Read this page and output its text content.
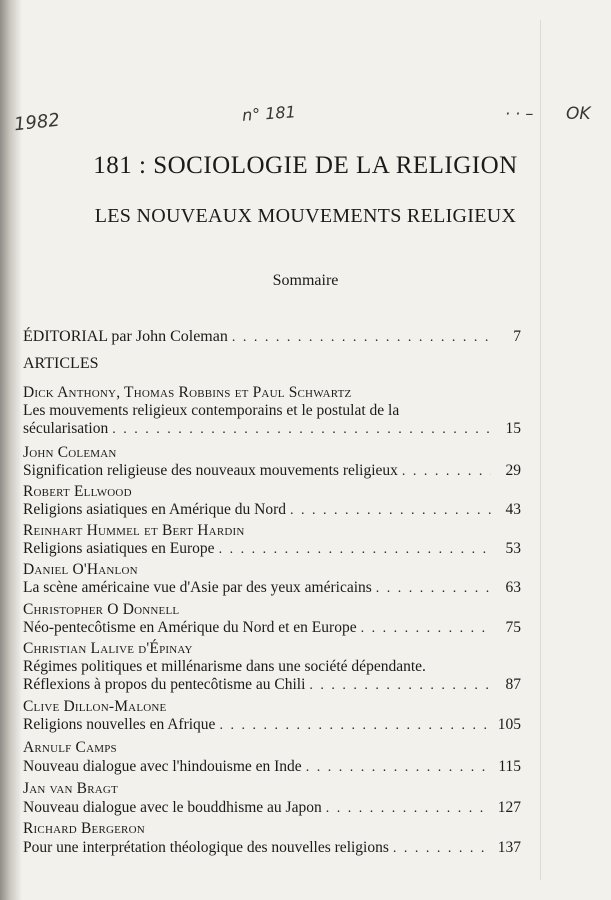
1982	n° 181	· · – OK
181 : SOCIOLOGIE DE LA RELIGION
LES NOUVEAUX MOUVEMENTS RELIGIEUX
Sommaire
ÉDITORIAL par John Coleman . . .	7
ARTICLES
Dick Anthony, Thomas Robbins et Paul Schwartz
Les mouvements religieux contemporains et le postulat de la
sécularisation . . .	15
John Coleman
Signification religieuse des nouveaux mouvements religieux . . .	29
Robert Ellwood
Religions asiatiques en Amérique du Nord . . .	43
Reinhart Hummel et Bert Hardin
Religions asiatiques en Europe . . .	53
Daniel O'Hanlon
La scène américaine vue d'Asie par des yeux américains . . .	63
Christopher O Donnell
Néo-pentecôtisme en Amérique du Nord et en Europe . . .	75
Christian Lalive d'Épinay
Régimes politiques et millénarisme dans une société dépendante.
Réflexions à propos du pentecôtisme au Chili . . .	87
Clive Dillon-Malone
Religions nouvelles en Afrique . . .	105
Arnulf Camps
Nouveau dialogue avec l'hindouisme en Inde . . .	115
Jan van Bragt
Nouveau dialogue avec le bouddhisme au Japon . . .	127
Richard Bergeron
Pour une interprétation théologique des nouvelles religions . . .	137
